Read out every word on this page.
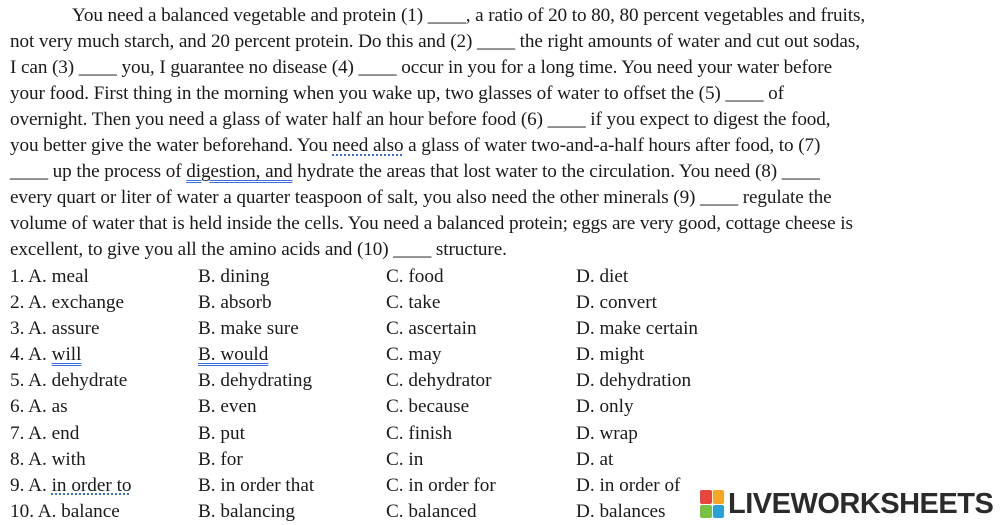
You need a balanced vegetable and protein (1) ____, a ratio of 20 to 80, 80 percent vegetables and fruits,
not very much starch, and 20 percent protein. Do this and (2) ____ the right amounts of water and cut out sodas,
I can (3) ____ you, I guarantee no disease (4) ____ occur in you for a long time. You need your water before
your food. First thing in the morning when you wake up, two glasses of water to offset the (5) ____ of
overnight. Then you need a glass of water half an hour before food (6) ____ if you expect to digest the food,
you better give the water beforehand. You need also a glass of water two-and-a-half hours after food, to (7)
____ up the process of digestion, and hydrate the areas that lost water to the circulation. You need (8) ____
every quart or liter of water a quarter teaspoon of salt, you also need the other minerals (9) ____ regulate the
volume of water that is held inside the cells. You need a balanced protein; eggs are very good, cottage cheese is
excellent, to give you all the amino acids and (10) ____ structure.
1. A. meal	B. dining	C. food	D. diet
2. A. exchange	B. absorb	C. take	D. convert
3. A. assure	B. make sure	C. ascertain	D. make certain
4. A. will	B. would	C. may	D. might
5. A. dehydrate	B. dehydrating	C. dehydrator	D. dehydration
6. A. as	B. even	C. because	D. only
7. A. end	B. put	C. finish	D. wrap
8. A. with	B. for	C. in	D. at
9. A. in order to	B. in order that	C. in order for	D. in order of
10. A. balance	B. balancing	C. balanced	D. balances LIVEWORKSHEETS
